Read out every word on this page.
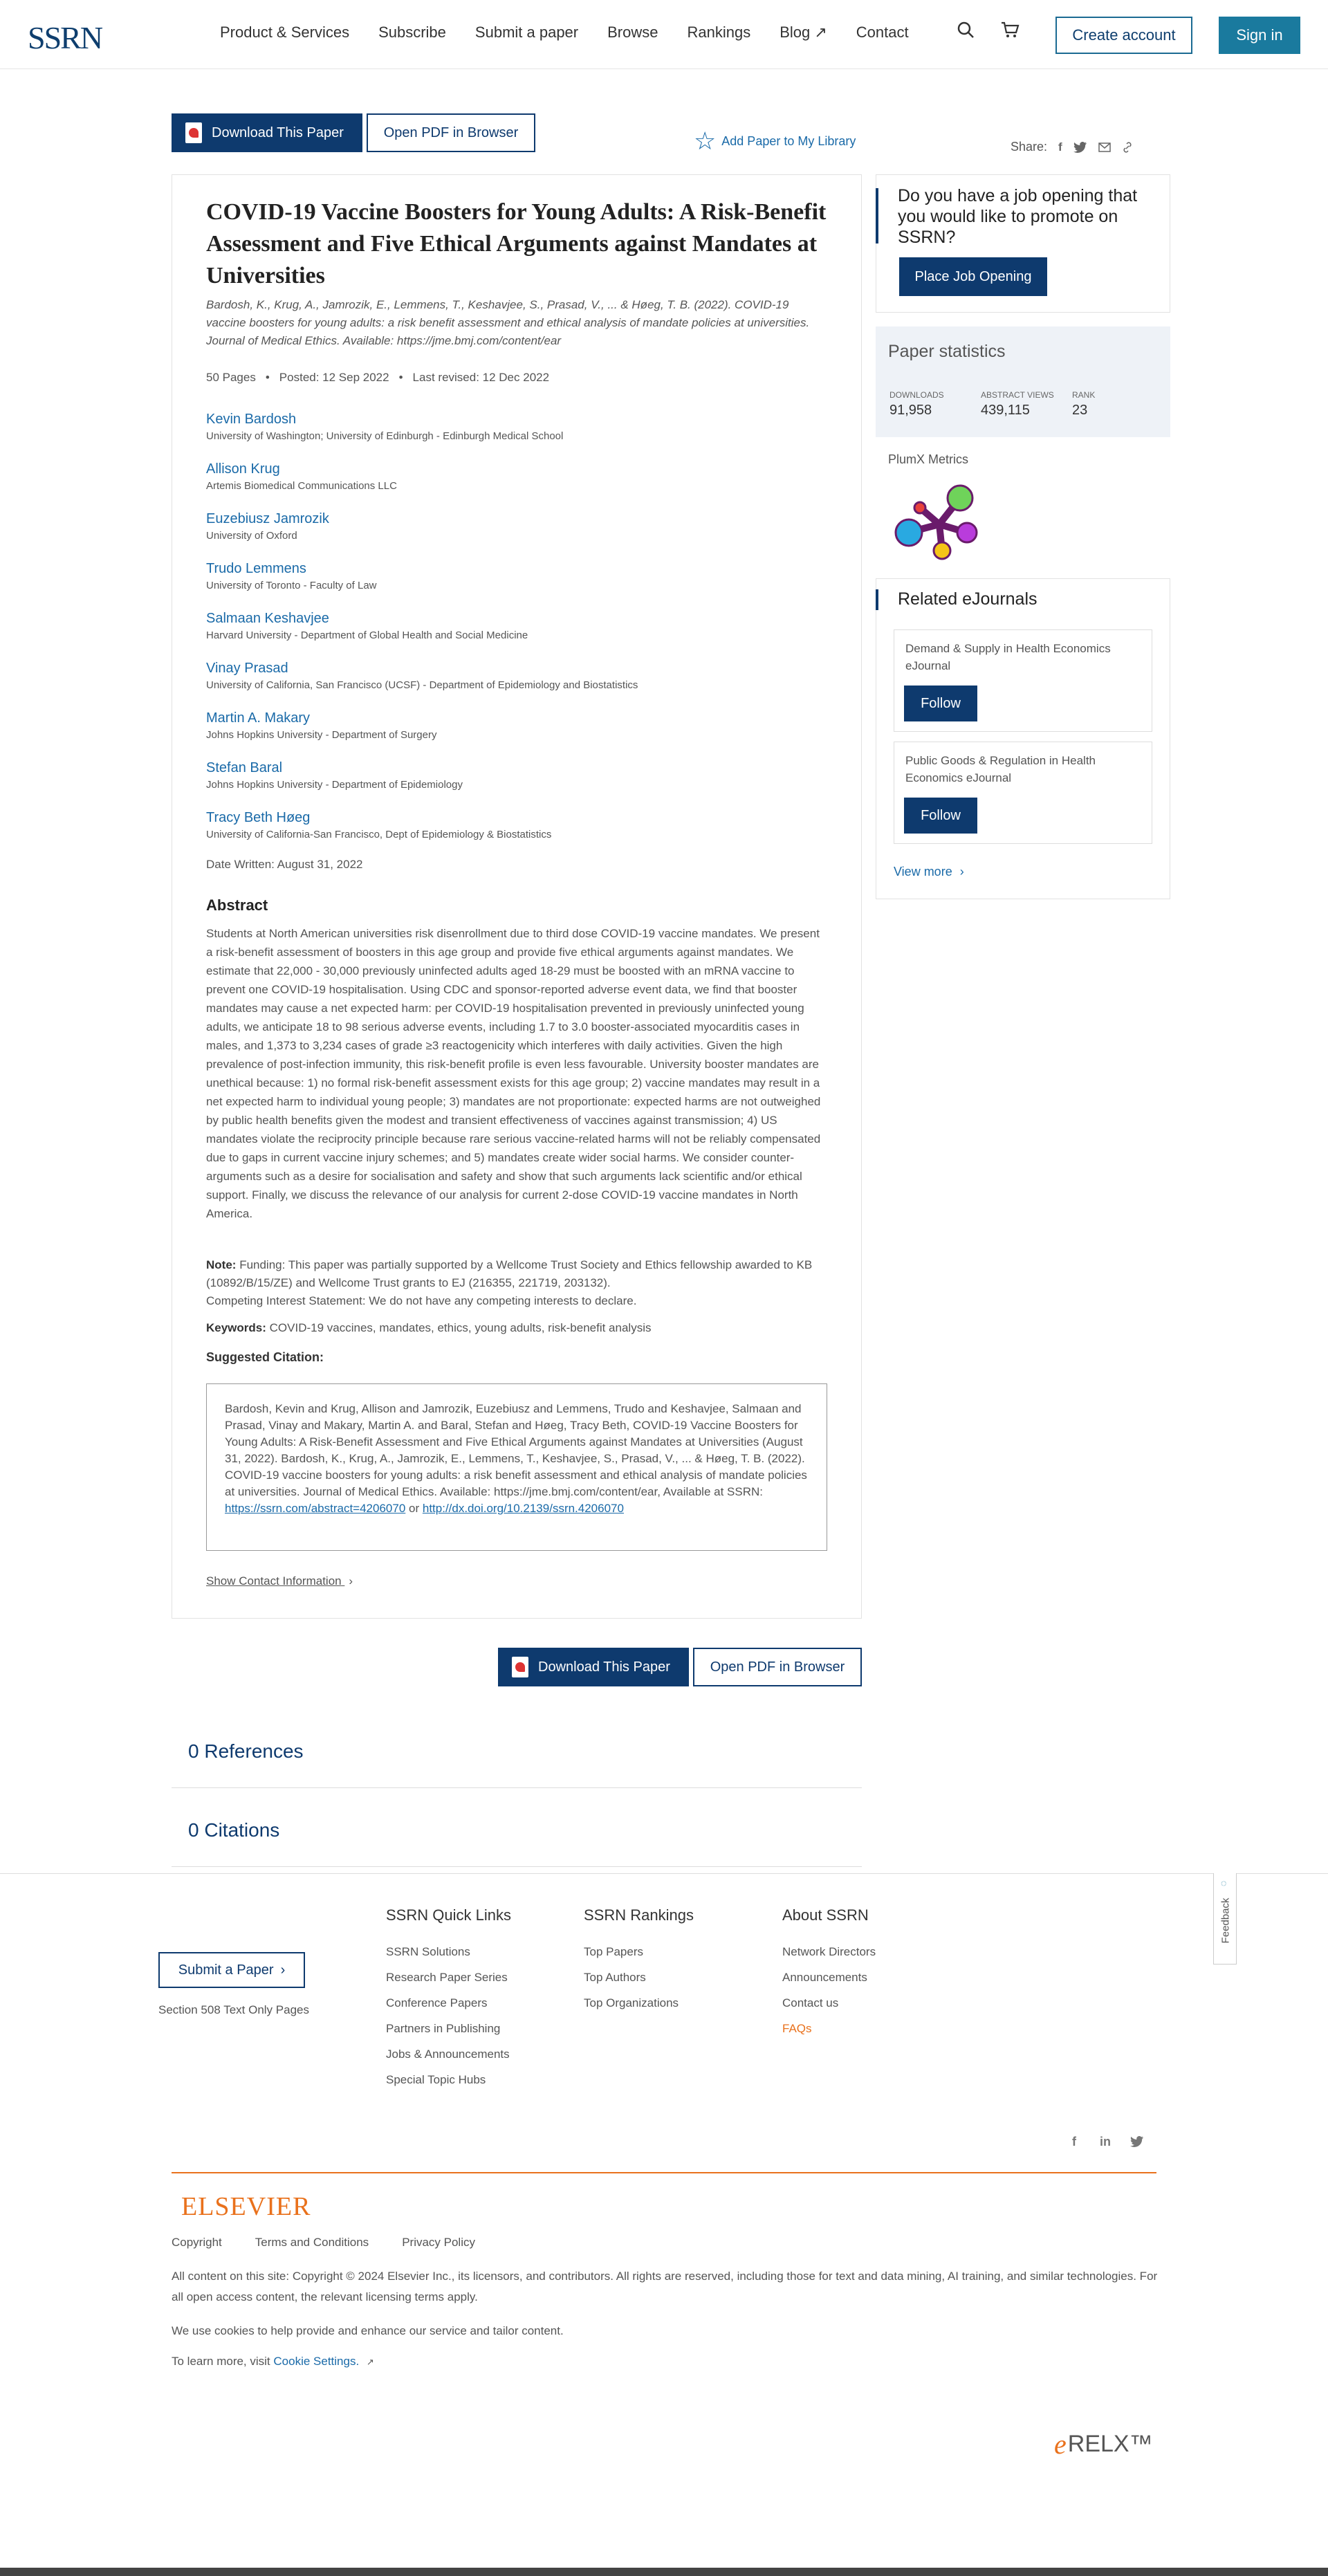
SSRN	Product & Services Subscribe Submit a paper Browse Rankings Blog ↗ Contact	Create account	Sign in
Download This Paper	Open PDF in Browser	☆ Add Paper to My Library	Share: f
COVID-19 Vaccine Boosters for Young Adults: A Risk-Benefit Assessment and Five Ethical Arguments against Mandates at Universities
Bardosh, K., Krug, A., Jamrozik, E., Lemmens, T., Keshavjee, S., Prasad, V., ... & Høeg, T. B. (2022). COVID-19 vaccine boosters for young adults: a risk benefit assessment and ethical analysis of mandate policies at universities. Journal of Medical Ethics. Available: https://jme.bmj.com/content/ear
50 Pages • Posted: 12 Sep 2022 • Last revised: 12 Dec 2022
Kevin Bardosh
University of Washington; University of Edinburgh - Edinburgh Medical School
Allison Krug
Artemis Biomedical Communications LLC
Euzebiusz Jamrozik
University of Oxford
Trudo Lemmens
University of Toronto - Faculty of Law
Salmaan Keshavjee
Harvard University - Department of Global Health and Social Medicine
Vinay Prasad
University of California, San Francisco (UCSF) - Department of Epidemiology and Biostatistics
Martin A. Makary
Johns Hopkins University - Department of Surgery
Stefan Baral
Johns Hopkins University - Department of Epidemiology
Tracy Beth Høeg
University of California-San Francisco, Dept of Epidemiology & Biostatistics
Date Written: August 31, 2022
Abstract

Students at North American universities risk disenrollment due to third dose COVID-19 vaccine mandates. We present a risk-benefit assessment of boosters in this age group and provide five ethical arguments against mandates. We estimate that 22,000 - 30,000 previously uninfected adults aged 18-29 must be boosted with an mRNA vaccine to prevent one COVID-19 hospitalisation. Using CDC and sponsor-reported adverse event data, we find that booster mandates may cause a net expected harm: per COVID-19 hospitalisation prevented in previously uninfected young adults, we anticipate 18 to 98 serious adverse events, including 1.7 to 3.0 booster-associated myocarditis cases in males, and 1,373 to 3,234 cases of grade ≥3 reactogenicity which interferes with daily activities. Given the high prevalence of post-infection immunity, this risk-benefit profile is even less favourable. University booster mandates are unethical because: 1) no formal risk-benefit assessment exists for this age group; 2) vaccine mandates may result in a net expected harm to individual young people; 3) mandates are not proportionate: expected harms are not outweighed by public health benefits given the modest and transient effectiveness of vaccines against transmission; 4) US mandates violate the reciprocity principle because rare serious vaccine-related harms will not be reliably compensated due to gaps in current vaccine injury schemes; and 5) mandates create wider social harms. We consider counter-arguments such as a desire for socialisation and safety and show that such arguments lack scientific and/or ethical support. Finally, we discuss the relevance of our analysis for current 2-dose COVID-19 vaccine mandates in North America.

Note: Funding: This paper was partially supported by a Wellcome Trust Society and Ethics fellowship awarded to KB (10892/B/15/ZE) and Wellcome Trust grants to EJ (216355, 221719, 203132).
Competing Interest Statement: We do not have any competing interests to declare.
Keywords: COVID-19 vaccines, mandates, ethics, young adults, risk-benefit analysis
Suggested Citation:
Bardosh, Kevin and Krug, Allison and Jamrozik, Euzebiusz and Lemmens, Trudo and Keshavjee, Salmaan and Prasad, Vinay and Makary, Martin A. and Baral, Stefan and Høeg, Tracy Beth, COVID-19 Vaccine Boosters for Young Adults: A Risk-Benefit Assessment and Five Ethical Arguments against Mandates at Universities (August 31, 2022). Bardosh, K., Krug, A., Jamrozik, E., Lemmens, T., Keshavjee, S., Prasad, V., ... & Høeg, T. B. (2022). COVID-19 vaccine boosters for young adults: a risk benefit assessment and ethical analysis of mandate policies at universities. Journal of Medical Ethics. Available: https://jme.bmj.com/content/ear, Available at SSRN: https://ssrn.com/abstract=4206070 or http://dx.doi.org/10.2139/ssrn.4206070
Show Contact Information ›
Do you have a job opening that you would like to promote on SSRN?
Place Job Opening
Paper statistics
DOWNLOADS
91,958
ABSTRACT VIEWS
439,115
RANK
23
PlumX Metrics
Related eJournals
Demand & Supply in Health Economics eJournal
Follow
Public Goods & Regulation in Health Economics eJournal
Follow
View more ›
Download This Paper	Open PDF in Browser
0 References
0 Citations
Submit a Paper ›
Section 508 Text Only Pages
SSRN Quick Links
SSRN Solutions
Research Paper Series
Conference Papers
Partners in Publishing
Jobs & Announcements
Special Topic Hubs
SSRN Rankings
Top Papers
Top Authors
Top Organizations
About SSRN
Network Directors
Announcements
Contact us
FAQs
◌
Feedback
f in
ELSEVIER
Copyright	Terms and Conditions	Privacy Policy
All content on this site: Copyright © 2024 Elsevier Inc., its licensors, and contributors. All rights are reserved, including those for text and data mining, AI training, and similar technologies. For all open access content, the relevant licensing terms apply.
We use cookies to help provide and enhance our service and tailor content.
To learn more, visit Cookie Settings. ↗
e RELX™
